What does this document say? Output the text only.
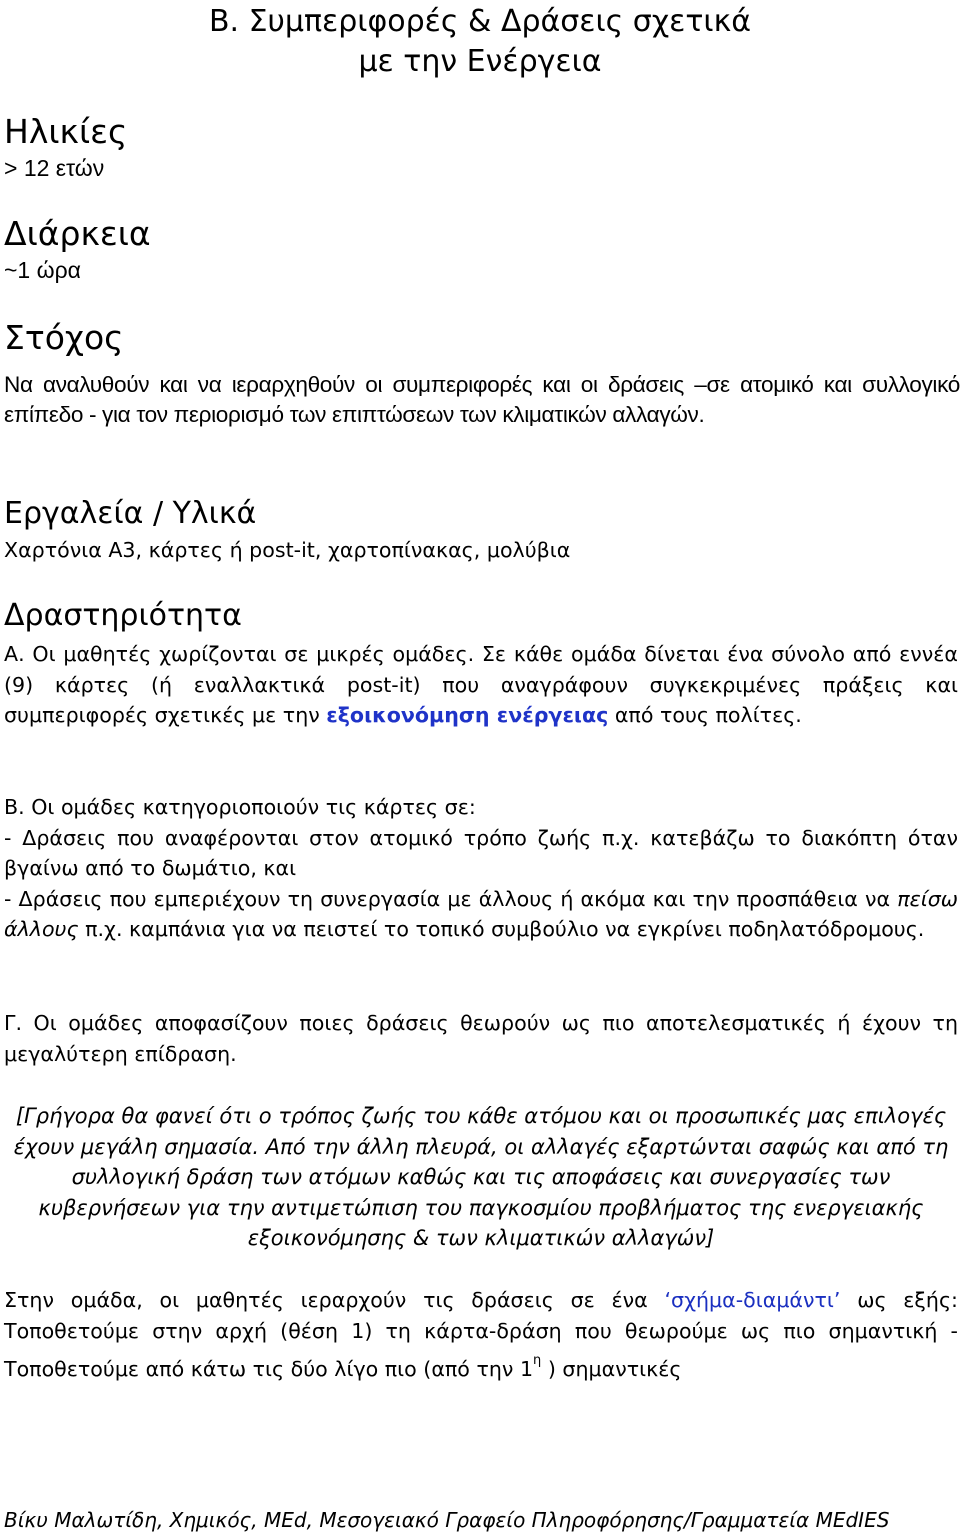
Β. Συμπεριφορές & Δράσεις σχετικά
με την Ενέργεια
Ηλικίες
> 12 ετών
Διάρκεια
~1 ώρα
Στόχος
Να αναλυθούν και να ιεραρχηθούν οι συμπεριφορές και οι δράσεις –σε ατομικό και συλλογικό επίπεδο - για τον περιορισμό των επιπτώσεων των κλιματικών αλλαγών.
Εργαλεία / Υλικά
Χαρτόνια Α3, κάρτες ή post-it, χαρτοπίνακας, μολύβια
Δραστηριότητα
Α. Οι μαθητές χωρίζονται σε μικρές ομάδες. Σε κάθε ομάδα δίνεται ένα σύνολο από εννέα (9) κάρτες (ή εναλλακτικά post-it) που αναγράφουν συγκεκριμένες πράξεις και συμπεριφορές σχετικές με την εξοικονόμηση ενέργειας από τους πολίτες.
Β. Οι ομάδες κατηγοριοποιούν τις κάρτες σε:
- Δράσεις που αναφέρονται στον ατομικό τρόπο ζωής π.χ. κατεβάζω το διακόπτη όταν βγαίνω από το δωμάτιο, και
- Δράσεις που εμπεριέχουν τη συνεργασία με άλλους ή ακόμα και την προσπάθεια να πείσω άλλους π.χ. καμπάνια για να πειστεί το τοπικό συμβούλιο να εγκρίνει ποδηλατόδρομους.
Γ. Οι ομάδες αποφασίζουν ποιες δράσεις θεωρούν ως πιο αποτελεσματικές ή έχουν τη μεγαλύτερη επίδραση.
[Γρήγορα θα φανεί ότι ο τρόπος ζωής του κάθε ατόμου και οι προσωπικές μας επιλογές έχουν μεγάλη σημασία. Από την άλλη πλευρά, οι αλλαγές εξαρτώνται σαφώς και από τη συλλογική δράση των ατόμων καθώς και τις αποφάσεις και συνεργασίες των κυβερνήσεων για την αντιμετώπιση του παγκοσμίου προβλήματος της ενεργειακής εξοικονόμησης & των κλιματικών αλλαγών]
Στην ομάδα, οι μαθητές ιεραρχούν τις δράσεις σε ένα ‘σχήμα-διαμάντι’ ως εξής: Τοποθετούμε στην αρχή (θέση 1) τη κάρτα-δράση που θεωρούμε ως πιο σημαντική - Τοποθετούμε από κάτω τις δύο λίγο πιο (από την $1^\eta$ ) σημαντικές
Βίκυ Μαλωτίδη, Χημικός, MEd, Μεσογειακό Γραφείο Πληροφόρησης/Γραμματεία MEdIES
